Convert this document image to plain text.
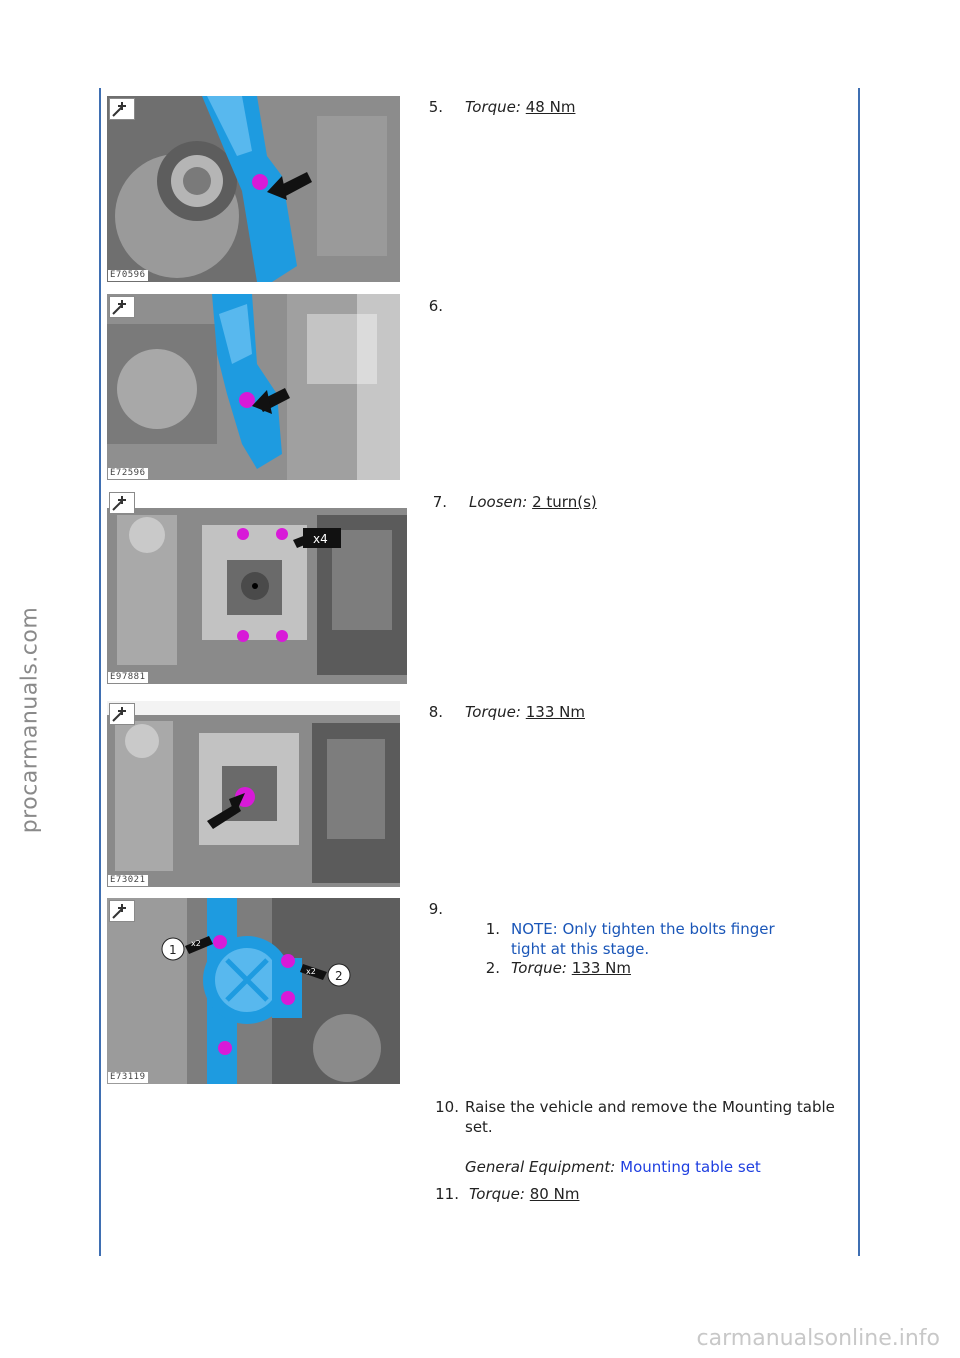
procarmanuals.com
carmanualsonline.info
E70596
5. Torque: 48 Nm
E72596
6.
x4
E97881
7. Loosen: 2 turn(s)
E73021
8. Torque: 133 Nm
1
2
x2
x2
E73119
9.
1. NOTE: Only tighten the bolts finger
tight at this stage.
2. Torque: 133 Nm
10. Raise the vehicle and remove the Mounting table
set.
General Equipment: Mounting table set
11. Torque: 80 Nm
